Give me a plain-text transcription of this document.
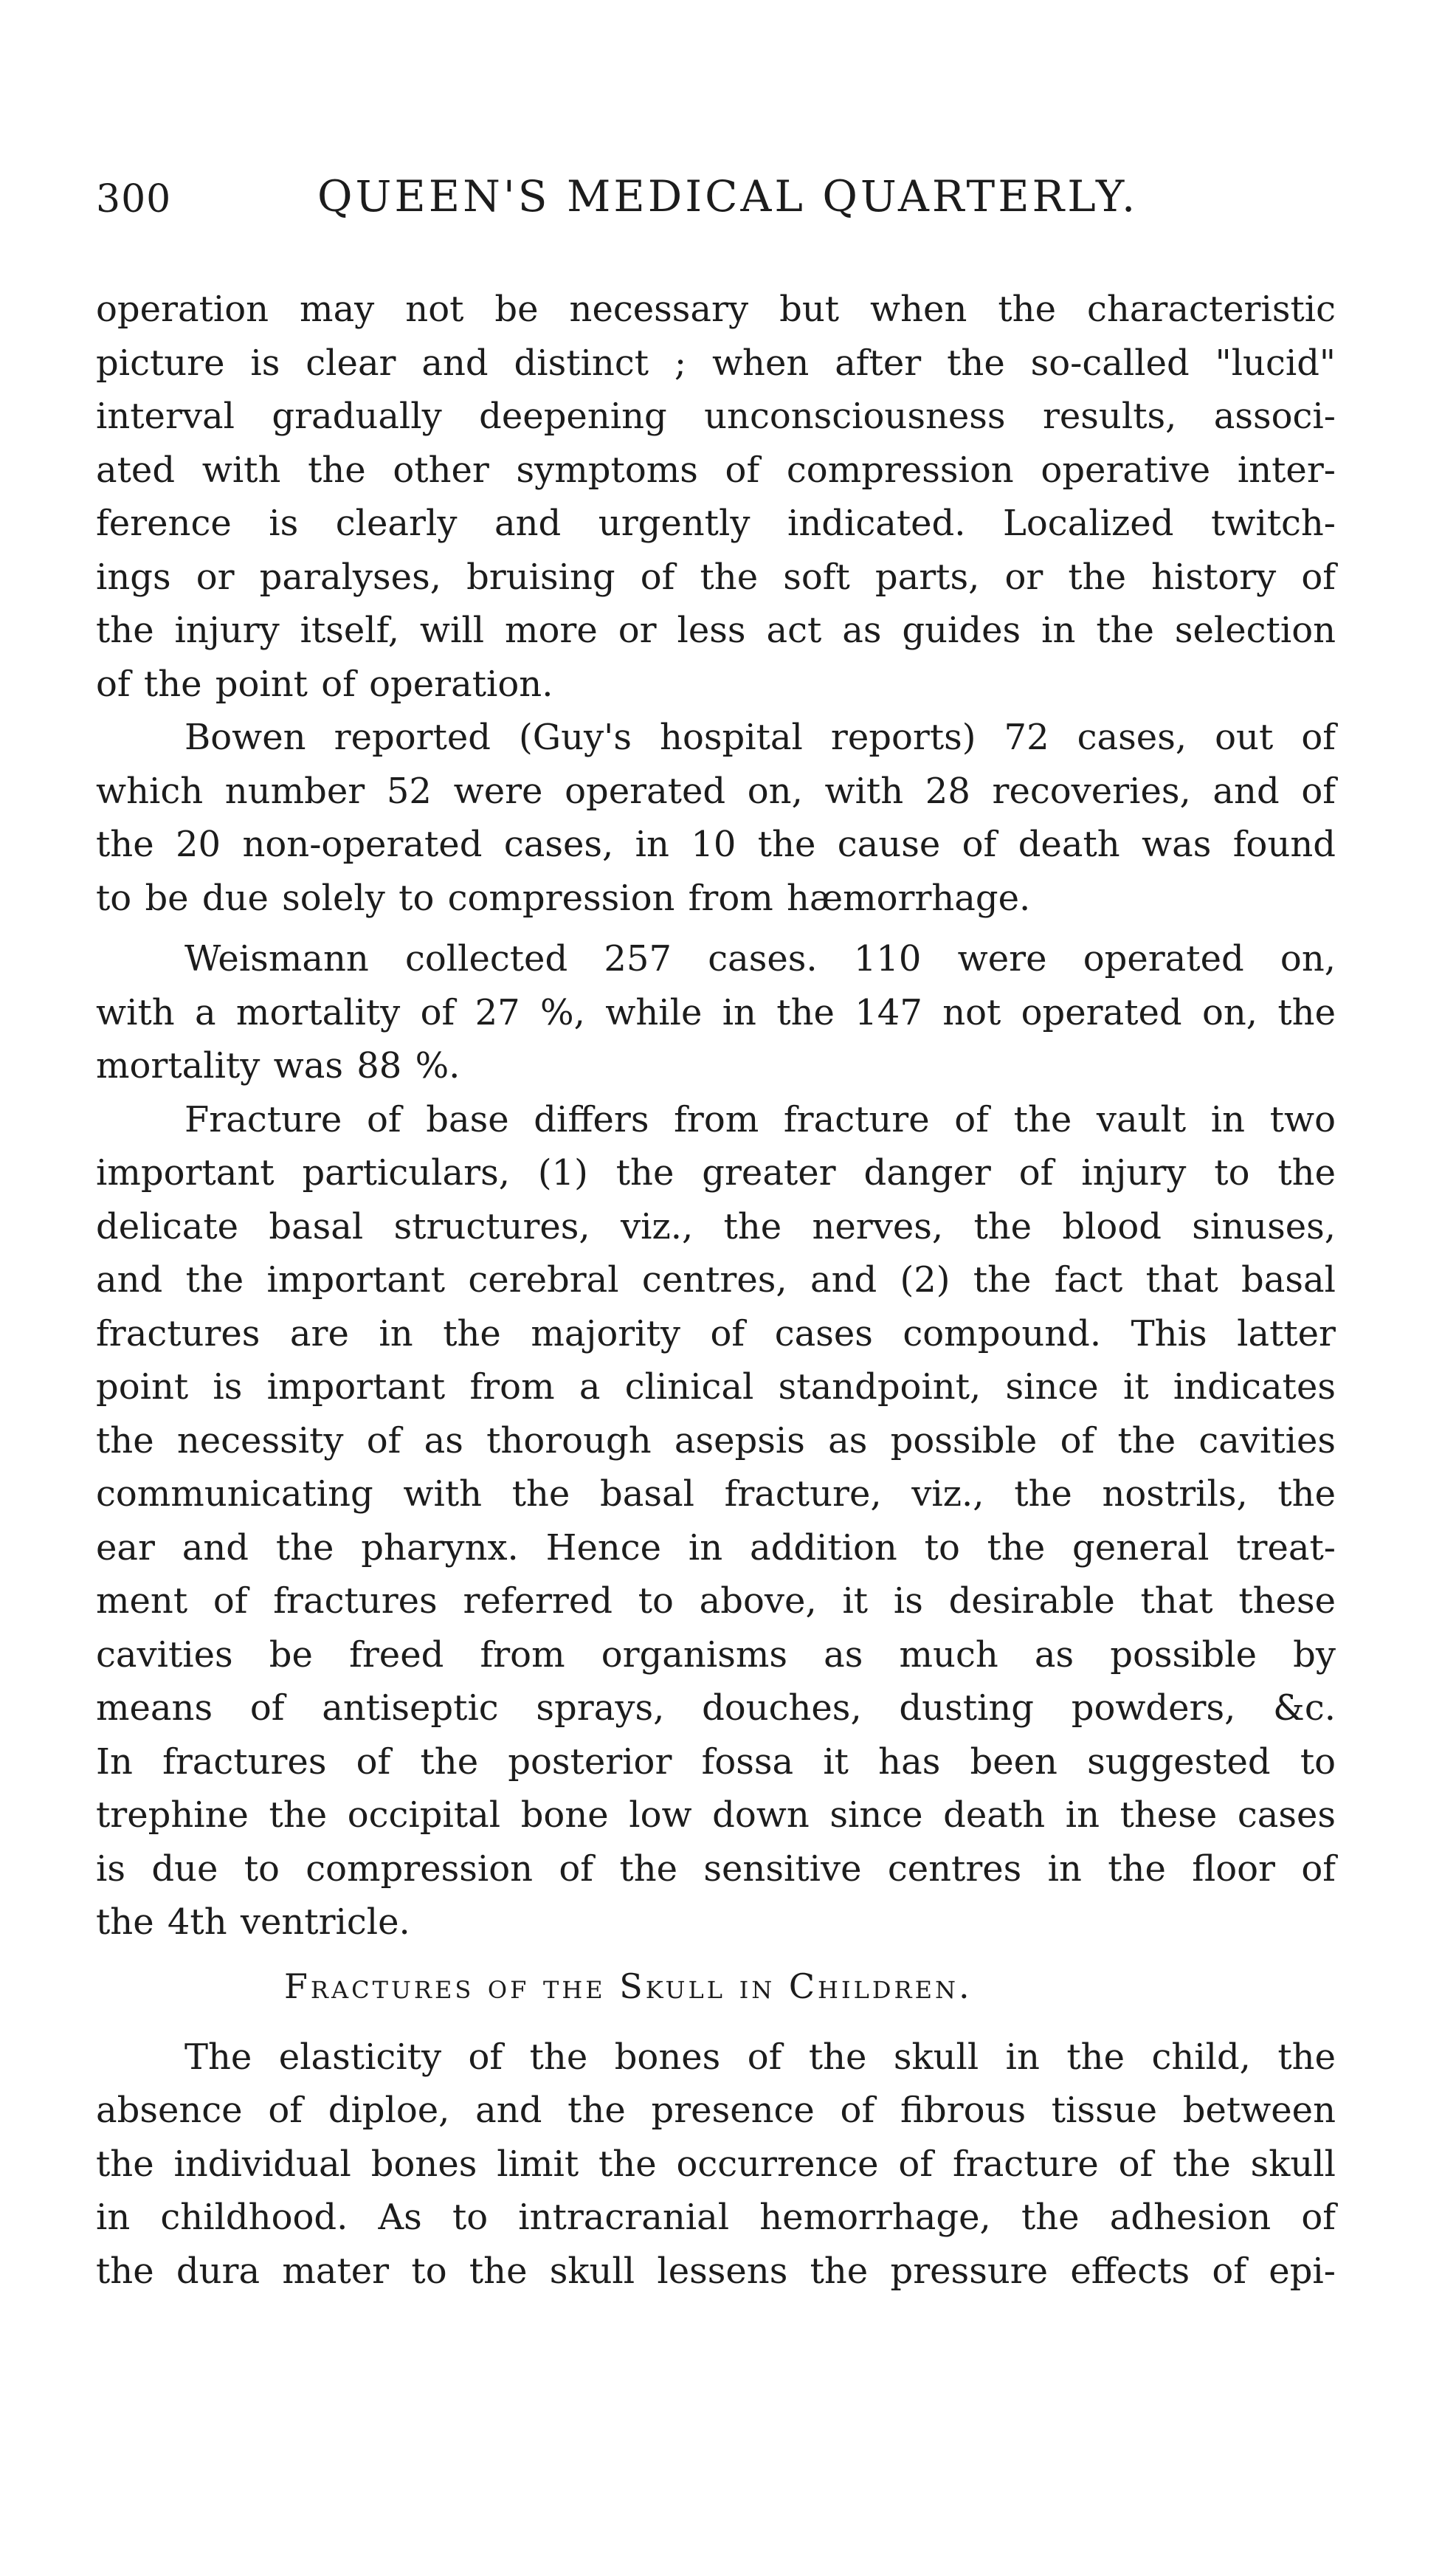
300	QUEEN'S MEDICAL QUARTERLY.
operation may not be necessary but when the characteristic
picture is clear and distinct ; when after the so-called "lucid"
interval gradually deepening unconsciousness results, associ-
ated with the other symptoms of compression operative inter-
ference is clearly and urgently indicated. Localized twitch-
ings or paralyses, bruising of the soft parts, or the history of
the injury itself, will more or less act as guides in the selection
of the point of operation.
Bowen reported (Guy's hospital reports) 72 cases, out of
which number 52 were operated on, with 28 recoveries, and of
the 20 non-operated cases, in 10 the cause of death was found
to be due solely to compression from hæmorrhage.
Weismann collected 257 cases. 110 were operated on,
with a mortality of 27 %, while in the 147 not operated on, the
mortality was 88 %.
Fracture of base differs from fracture of the vault in two
important particulars, (1) the greater danger of injury to the
delicate basal structures, viz., the nerves, the blood sinuses,
and the important cerebral centres, and (2) the fact that basal
fractures are in the majority of cases compound. This latter
point is important from a clinical standpoint, since it indicates
the necessity of as thorough asepsis as possible of the cavities
communicating with the basal fracture, viz., the nostrils, the
ear and the pharynx. Hence in addition to the general treat-
ment of fractures referred to above, it is desirable that these
cavities be freed from organisms as much as possible by
means of antiseptic sprays, douches, dusting powders, &c.
In fractures of the posterior fossa it has been suggested to
trephine the occipital bone low down since death in these cases
is due to compression of the sensitive centres in the floor of
the 4th ventricle.
Fractures of the Skull in Children.
The elasticity of the bones of the skull in the child, the
absence of diploe, and the presence of fibrous tissue between
the individual bones limit the occurrence of fracture of the skull
in childhood. As to intracranial hemorrhage, the adhesion of
the dura mater to the skull lessens the pressure effects of epi-
